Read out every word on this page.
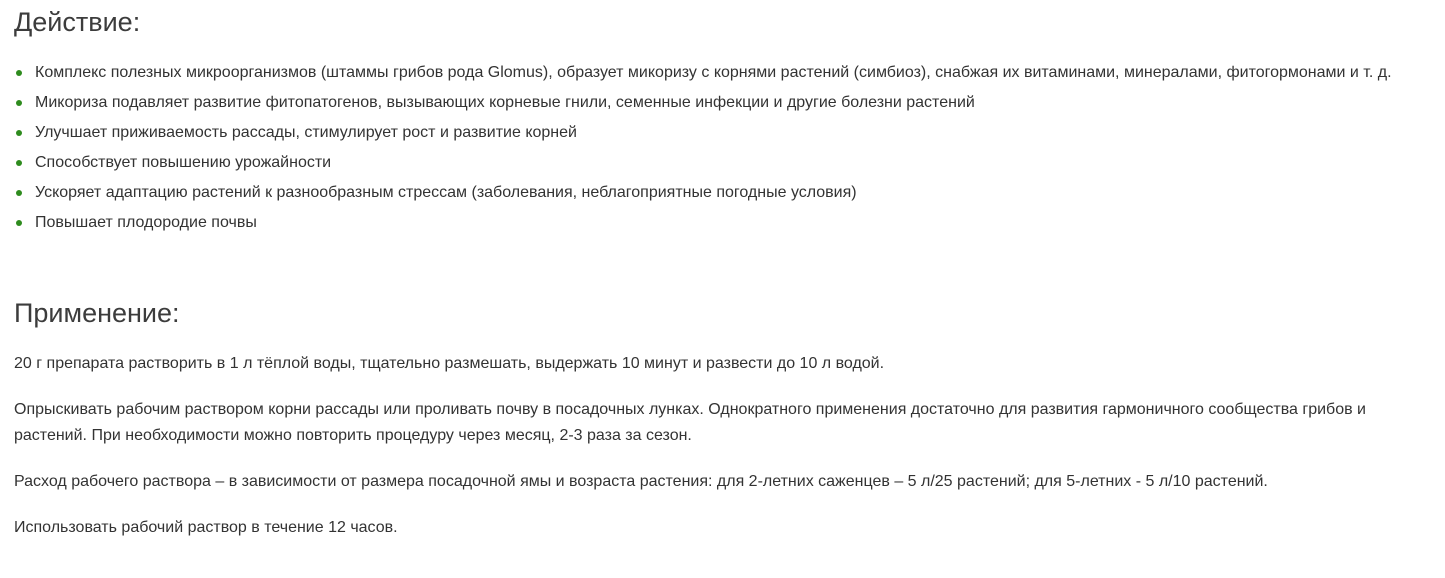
Действие:
Комплекс полезных микроорганизмов (штаммы грибов рода Glomus), образует микоризу с корнями растений (симбиоз), снабжая их витаминами, минералами, фитогормонами и т. д.
Микориза подавляет развитие фитопатогенов, вызывающих корневые гнили, семенные инфекции и другие болезни растений
Улучшает приживаемость рассады, стимулирует рост и развитие корней
Способствует повышению урожайности
Ускоряет адаптацию растений к разнообразным стрессам (заболевания, неблагоприятные погодные условия)
Повышает плодородие почвы
Применение:

20 г препарата растворить в 1 л тёплой воды, тщательно размешать, выдержать 10 минут и развести до 10 л водой.

Опрыскивать рабочим раствором корни рассады или проливать почву в посадочных лунках. Однократного применения достаточно для развития гармоничного сообщества грибов и растений. При необходимости можно повторить процедуру через месяц, 2-3 раза за сезон.

Расход рабочего раствора – в зависимости от размера посадочной ямы и возраста растения: для 2-летних саженцев – 5 л/25 растений; для 5-летних - 5 л/10 растений.

Использовать рабочий раствор в течение 12 часов.
